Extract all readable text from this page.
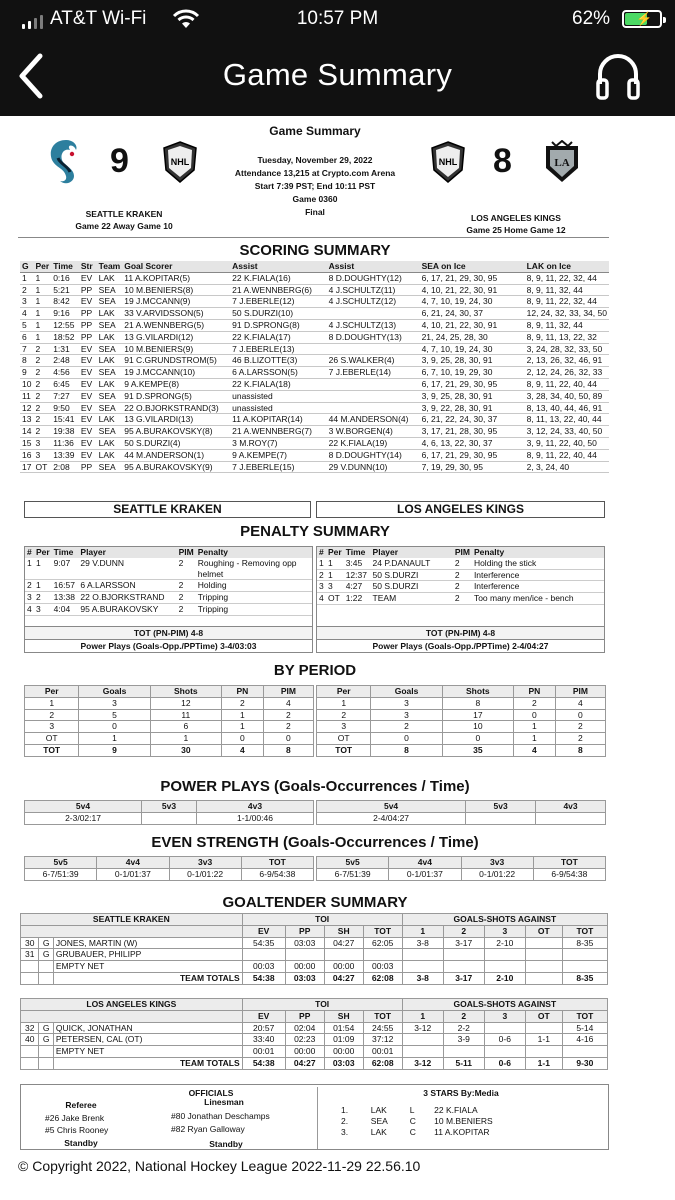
AT&T Wi-Fi	10:57 PM	62% ⚡
Game Summary
Game Summary
9	NHL	Tuesday, November 29, 2022
Attendance 13,215 at Crypto.com Arena
Start 7:39 PST; End 10:11 PST
Game 0360
Final
NHL 8	LA
SEATTLE KRAKEN
Game 22 Away Game 10
LOS ANGELES KINGS
Game 25 Home Game 12
SCORING SUMMARY
G	Per	Time	Str	Team	Goal Scorer	Assist	Assist	SEA on Ice	LAK on Ice
1	1	0:16	EV	LAK	11 A.KOPITAR(5)	22 K.FIALA(16)	8 D.DOUGHTY(12)	6, 17, 21, 29, 30, 95	8, 9, 11, 22, 32, 44
2	1	5:21	PP	SEA	10 M.BENIERS(8)	21 A.WENNBERG(6)	4 J.SCHULTZ(11)	4, 10, 21, 22, 30, 91	8, 9, 11, 32, 44
3	1	8:42	EV	SEA	19 J.MCCANN(9)	7 J.EBERLE(12)	4 J.SCHULTZ(12)	4, 7, 10, 19, 24, 30	8, 9, 11, 22, 32, 44
4	1	9:16	PP	LAK	33 V.ARVIDSSON(5)	50 S.DURZI(10)		6, 21, 24, 30, 37	12, 24, 32, 33, 34, 50
5	1	12:55	PP	SEA	21 A.WENNBERG(5)	91 D.SPRONG(8)	4 J.SCHULTZ(13)	4, 10, 21, 22, 30, 91	8, 9, 11, 32, 44
6	1	18:52	PP	LAK	13 G.VILARDI(12)	22 K.FIALA(17)	8 D.DOUGHTY(13)	21, 24, 25, 28, 30	8, 9, 11, 13, 22, 32
7	2	1:31	EV	SEA	10 M.BENIERS(9)	7 J.EBERLE(13)		4, 7, 10, 19, 24, 30	3, 24, 28, 32, 33, 50
8	2	2:48	EV	LAK	91 C.GRUNDSTROM(5)	46 B.LIZOTTE(3)	26 S.WALKER(4)	3, 9, 25, 28, 30, 91	2, 13, 26, 32, 46, 91
9	2	4:56	EV	SEA	19 J.MCCANN(10)	6 A.LARSSON(5)	7 J.EBERLE(14)	6, 7, 10, 19, 29, 30	2, 12, 24, 26, 32, 33
10	2	6:45	EV	LAK	9 A.KEMPE(8)	22 K.FIALA(18)		6, 17, 21, 29, 30, 95	8, 9, 11, 22, 40, 44
11	2	7:27	EV	SEA	91 D.SPRONG(5)	unassisted		3, 9, 25, 28, 30, 91	3, 28, 34, 40, 50, 89
12	2	9:50	EV	SEA	22 O.BJORKSTRAND(3)	unassisted		3, 9, 22, 28, 30, 91	8, 13, 40, 44, 46, 91
13	2	15:41	EV	LAK	13 G.VILARDI(13)	11 A.KOPITAR(14)	44 M.ANDERSON(4)	6, 21, 22, 24, 30, 37	8, 11, 13, 22, 40, 44
14	2	19:38	EV	SEA	95 A.BURAKOVSKY(8)	21 A.WENNBERG(7)	3 W.BORGEN(4)	3, 17, 21, 28, 30, 95	3, 12, 24, 33, 40, 50
15	3	11:36	EV	LAK	50 S.DURZI(4)	3 M.ROY(7)	22 K.FIALA(19)	4, 6, 13, 22, 30, 37	3, 9, 11, 22, 40, 50
16	3	13:39	EV	LAK	44 M.ANDERSON(1)	9 A.KEMPE(7)	8 D.DOUGHTY(14)	6, 17, 21, 29, 30, 95	8, 9, 11, 22, 40, 44
17	OT	2:08	PP	SEA	95 A.BURAKOVSKY(9)	7 J.EBERLE(15)	29 V.DUNN(10)	7, 19, 29, 30, 95	2, 3, 24, 40
SEATTLE KRAKEN	LOS ANGELES KINGS
PENALTY SUMMARY
#	Per	Time	Player	PIM	Penalty
1	1	9:07	29 V.DUNN	2	Roughing - Removing opp helmet
2	1	16:57	6 A.LARSSON	2	Holding
3	2	13:38	22 O.BJORKSTRAND	2	Tripping
4	3	4:04	95 A.BURAKOVSKY	2	Tripping
TOT (PN-PIM) 4-8
Power Plays (Goals-Opp./PPTime) 3-4/03:03
#	Per	Time	Player	PIM	Penalty
1	1	3:45	24 P.DANAULT	2	Holding the stick
2	1	12:37	50 S.DURZI	2	Interference
3	3	4:27	50 S.DURZI	2	Interference
4	OT	1:22	TEAM	2	Too many men/ice - bench
TOT (PN-PIM) 4-8
Power Plays (Goals-Opp./PPTime) 2-4/04:27
BY PERIOD
Per	Goals	Shots	PN	PIM
1	3	12	2	4
2	5	11	1	2
3	0	6	1	2
OT	1	1	0	0
TOT	9	30	4	8
Per	Goals	Shots	PN	PIM
1	3	8	2	4
2	3	17	0	0
3	2	10	1	2
OT	0	0	1	2
TOT	8	35	4	8
POWER PLAYS (Goals-Occurrences / Time)
5v4	5v3	4v3
2-3/02:17		1-1/00:46
5v4	5v3	4v3
2-4/04:27		
EVEN STRENGTH (Goals-Occurrences / Time)
5v5	4v4	3v3	TOT
6-7/51:39	0-1/01:37	0-1/01:22	6-9/54:38
5v5	4v4	3v3	TOT
6-7/51:39	0-1/01:37	0-1/01:22	6-9/54:38
GOALTENDER SUMMARY
SEATTLE KRAKEN			TOI				GOALS-SHOTS AGAINST				
			EV	PP	SH	TOT	1	2	3	OT	TOT
30	G	JONES, MARTIN (W)	54:35	03:03	04:27	62:05	3-8	3-17	2-10		8-35
31	G	GRUBAUER, PHILIPP									
		EMPTY NET	00:03	00:00	00:00	00:03					
		TEAM TOTALS	54:38	03:03	04:27	62:08	3-8	3-17	2-10		8-35
LOS ANGELES KINGS			TOI				GOALS-SHOTS AGAINST				
			EV	PP	SH	TOT	1	2	3	OT	TOT
32	G	QUICK, JONATHAN	20:57	02:04	01:54	24:55	3-12	2-2			5-14
40	G	PETERSEN, CAL (OT)	33:40	02:23	01:09	37:12		3-9	0-6	1-1	4-16
		EMPTY NET	00:01	00:00	00:00	00:01					
		TEAM TOTALS	54:38	04:27	03:03	62:08	3-12	5-11	0-6	1-1	9-30
OFFICIALS
Referee	Linesman
#26 Jake Brenk
#5 Chris Rooney
#80 Jonathan Deschamps
#82 Ryan Galloway
Standby	Standby
3 STARS By:Media
1.	LAK	L	22 K.FIALA
2.	SEA	C	10 M.BENIERS
3.	LAK	C	11 A.KOPITAR
© Copyright 2022, National Hockey League 2022-11-29 22.56.10
